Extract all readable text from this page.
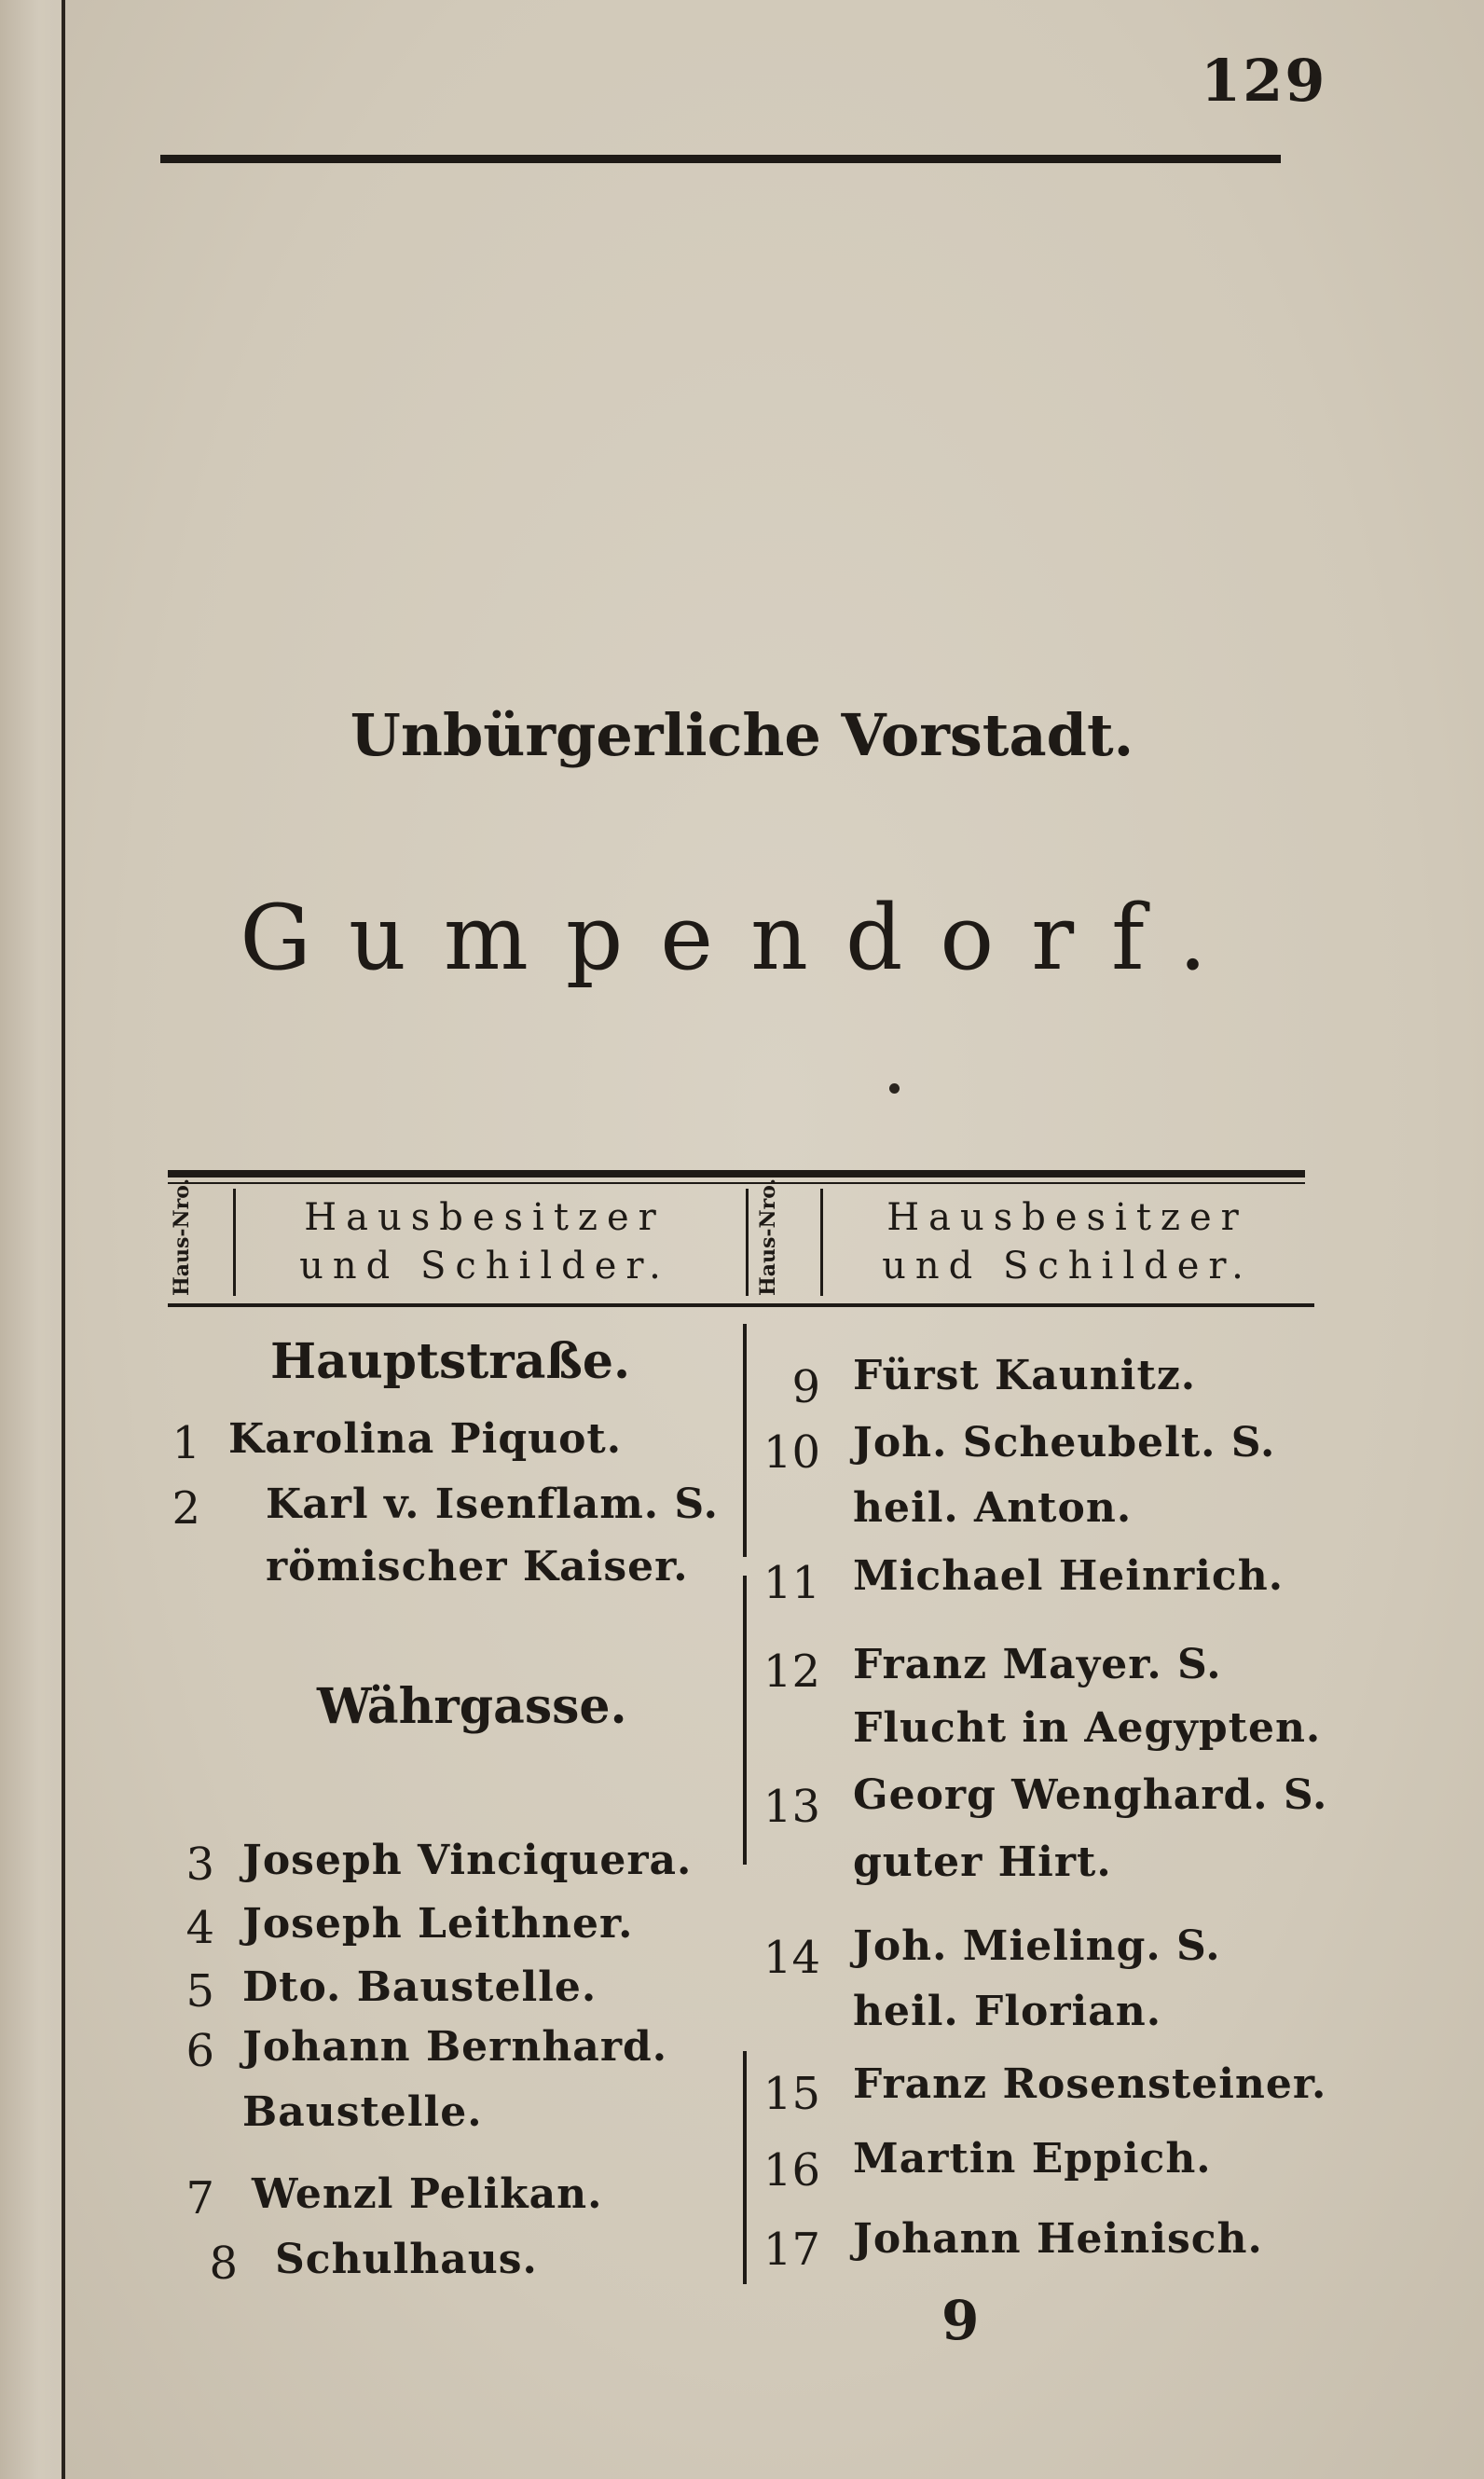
129
Unbürgerliche Vorstadt.
Gumpendorf.
Haus-Nro.	Hausbesitzer
und Schilder.	Haus-Nro.	Hausbesitzer
und Schilder.
Hauptstraße.
1 Karolina Piquot.
2 Karl v. Isenflam. S.
römischer Kaiser.
Währgasse.
3 Joseph Vinciquera.
4 Joseph Leithner.
5 Dto. Baustelle.
6 Johann Bernhard.
Baustelle.
7 Wenzl Pelikan.
8 Schulhaus.
9 Fürst Kaunitz.
10 Joh. Scheubelt. S.
heil. Anton.
11 Michael Heinrich.
12 Franz Mayer. S.
Flucht in Aegypten.
13 Georg Wenghard. S.
guter Hirt.
14 Joh. Mieling. S.
heil. Florian.
15 Franz Rosensteiner.
16 Martin Eppich.
17 Johann Heinisch.
9
